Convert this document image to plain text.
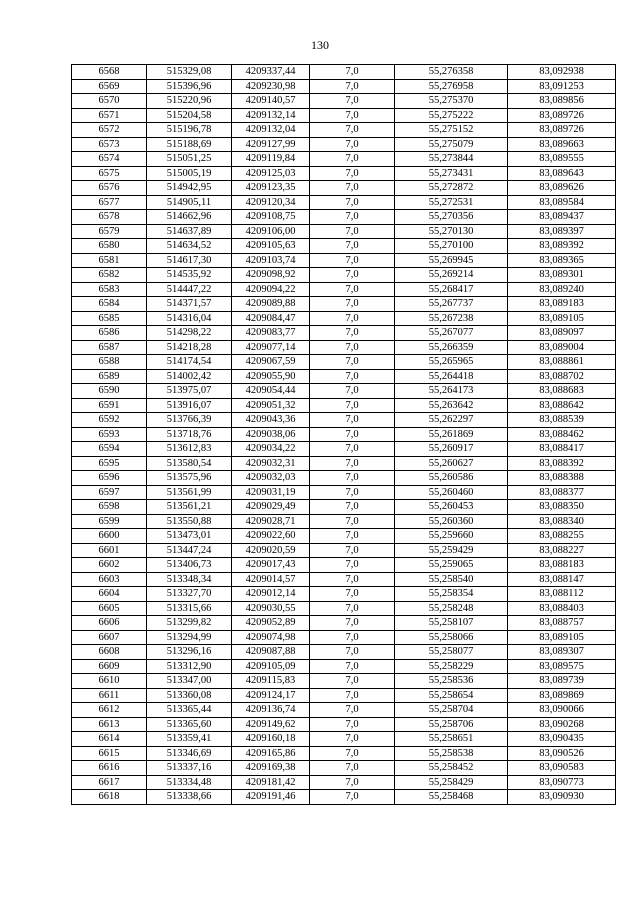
130
6568	515329,08	4209337,44	7,0	55,276358	83,092938
6569	515396,96	4209230,98	7,0	55,276958	83,091253
6570	515220,96	4209140,57	7,0	55,275370	83,089856
6571	515204,58	4209132,14	7,0	55,275222	83,089726
6572	515196,78	4209132,04	7,0	55,275152	83,089726
6573	515188,69	4209127,99	7,0	55,275079	83,089663
6574	515051,25	4209119,84	7,0	55,273844	83,089555
6575	515005,19	4209125,03	7,0	55,273431	83,089643
6576	514942,95	4209123,35	7,0	55,272872	83,089626
6577	514905,11	4209120,34	7,0	55,272531	83,089584
6578	514662,96	4209108,75	7,0	55,270356	83,089437
6579	514637,89	4209106,00	7,0	55,270130	83,089397
6580	514634,52	4209105,63	7,0	55,270100	83,089392
6581	514617,30	4209103,74	7,0	55,269945	83,089365
6582	514535,92	4209098,92	7,0	55,269214	83,089301
6583	514447,22	4209094,22	7,0	55,268417	83,089240
6584	514371,57	4209089,88	7,0	55,267737	83,089183
6585	514316,04	4209084,47	7,0	55,267238	83,089105
6586	514298,22	4209083,77	7,0	55,267077	83,089097
6587	514218,28	4209077,14	7,0	55,266359	83,089004
6588	514174,54	4209067,59	7,0	55,265965	83,088861
6589	514002,42	4209055,90	7,0	55,264418	83,088702
6590	513975,07	4209054,44	7,0	55,264173	83,088683
6591	513916,07	4209051,32	7,0	55,263642	83,088642
6592	513766,39	4209043,36	7,0	55,262297	83,088539
6593	513718,76	4209038,06	7,0	55,261869	83,088462
6594	513612,83	4209034,22	7,0	55,260917	83,088417
6595	513580,54	4209032,31	7,0	55,260627	83,088392
6596	513575,96	4209032,03	7,0	55,260586	83,088388
6597	513561,99	4209031,19	7,0	55,260460	83,088377
6598	513561,21	4209029,49	7,0	55,260453	83,088350
6599	513550,88	4209028,71	7,0	55,260360	83,088340
6600	513473,01	4209022,60	7,0	55,259660	83,088255
6601	513447,24	4209020,59	7,0	55,259429	83,088227
6602	513406,73	4209017,43	7,0	55,259065	83,088183
6603	513348,34	4209014,57	7,0	55,258540	83,088147
6604	513327,70	4209012,14	7,0	55,258354	83,088112
6605	513315,66	4209030,55	7,0	55,258248	83,088403
6606	513299,82	4209052,89	7,0	55,258107	83,088757
6607	513294,99	4209074,98	7,0	55,258066	83,089105
6608	513296,16	4209087,88	7,0	55,258077	83,089307
6609	513312,90	4209105,09	7,0	55,258229	83,089575
6610	513347,00	4209115,83	7,0	55,258536	83,089739
6611	513360,08	4209124,17	7,0	55,258654	83,089869
6612	513365,44	4209136,74	7,0	55,258704	83,090066
6613	513365,60	4209149,62	7,0	55,258706	83,090268
6614	513359,41	4209160,18	7,0	55,258651	83,090435
6615	513346,69	4209165,86	7,0	55,258538	83,090526
6616	513337,16	4209169,38	7,0	55,258452	83,090583
6617	513334,48	4209181,42	7,0	55,258429	83,090773
6618	513338,66	4209191,46	7,0	55,258468	83,090930
